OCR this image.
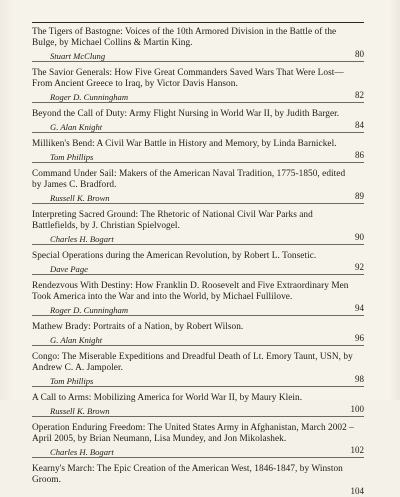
The Tigers of Bastogne: Voices of the 10th Armored Division in the Battle of the Bulge, by Michael Collins & Martin King.
Stuart McClung	80
The Savior Generals: How Five Great Commanders Saved Wars That Were Lost—From Ancient Greece to Iraq, by Victor Davis Hanson.
Roger D. Cunningham	82
Beyond the Call of Duty: Army Flight Nursing in World War II, by Judith Barger.
G. Alan Knight	84
Milliken's Bend: A Civil War Battle in History and Memory, by Linda Barnickel.
Tom Phillips	86
Command Under Sail: Makers of the American Naval Tradition, 1775-1850, edited by James C. Bradford.
Russell K. Brown	89
Interpreting Sacred Ground: The Rhetoric of National Civil War Parks and Battlefields, by J. Christian Spielvogel.
Charles H. Bogart	90
Special Operations during the American Revolution, by Robert L. Tonsetic.
Dave Page	92
Rendezvous With Destiny: How Franklin D. Roosevelt and Five Extraordinary Men Took America into the War and into the World, by Michael Fullilove.
Roger D. Cunningham	94
Mathew Brady: Portraits of a Nation, by Robert Wilson.
G. Alan Knight	96
Congo: The Miserable Expeditions and Dreadful Death of Lt. Emory Taunt, USN, by Andrew C. A. Jampoler.
Tom Phillips	98
A Call to Arms: Mobilizing America for World War II, by Maury Klein.
Russell K. Brown	100
Operation Enduring Freedom: The United States Army in Afghanistan, March 2002 – April 2005, by Brian Neumann, Lisa Mundey, and Jon Mikolashek.
Charles H. Bogart	102
Kearny's March: The Epic Creation of the American West, 1846-1847, by Winston Groom.
104
